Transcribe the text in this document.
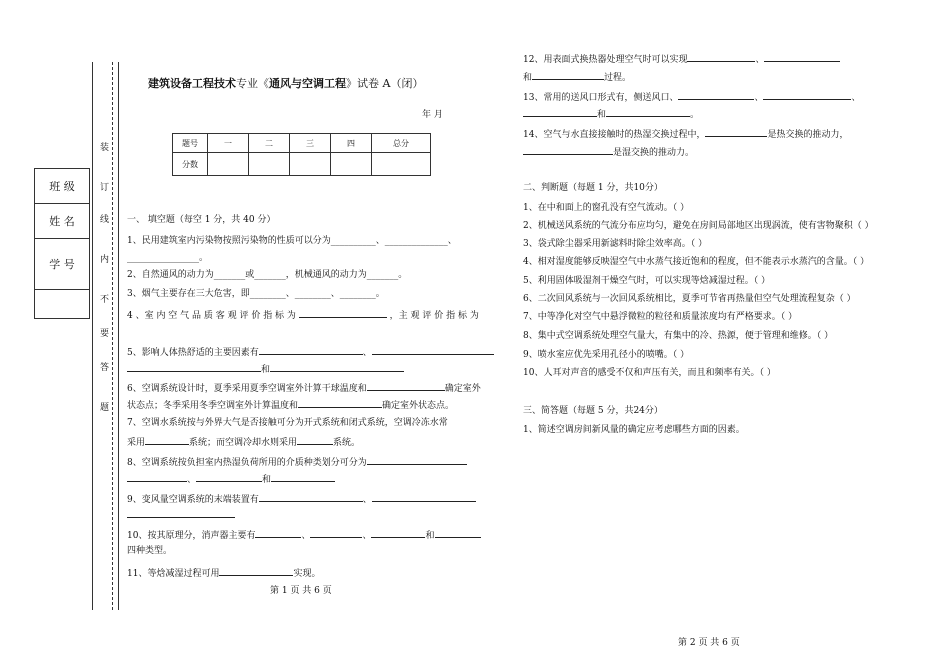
装
订
线
内
不
要
答
题
班 级
姓 名
学 号
建筑设备工程技术专业《通风与空调工程》试卷 A（闭）
年 月
题号	一	二	三	四	总分
分数					
一、 填空题（每空 1 分，共 40 分）
1、民用建筑室内污染物按照污染物的性质可以分为__________、______________、
________________。
2、自然通风的动力为_______或_______，机械通风的动力为_______。
3、烟气主要存在三大危害，即________、________、________。
4 、室 内 空 气 品 质 客 观 评 价 指 标 为	，主 观 评 价 指 标 为
5、影响人体热舒适的主要因素有	、
和
6、空调系统设计时，夏季采用夏季空调室外计算干球温度和	确定室外
状态点；冬季采用冬季空调室外计算温度和	确定室外状态点。
7、空调水系统按与外界大气是否接触可分为开式系统和闭式系统，空调冷冻水常
采用	系统；而空调冷却水则采用	系统。
8、空调系统按负担室内热湿负荷所用的介质种类划分可分为
、	和
9、变风量空调系统的末端装置有	、
10、按其原理分，消声器主要有	、	、	和
四种类型。
11、等焓减湿过程可用	实现。
第 1 页 共 6 页
12、用表面式换热器处理空气时可以实现	、
和	过程。
13、常用的送风口形式有，侧送风口、	、	、
和	。
14、空气与水直接接触时的热湿交换过程中，	是热交换的推动力，
是湿交换的推动力。
二、判断题（每题 1 分，共10分）
1、在中和面上的窗孔没有空气流动。（ ）
2、机械送风系统的气流分布应均匀，避免在房间局部地区出现涡流，使有害物聚积（ ）
3、袋式除尘器采用新滤料时除尘效率高。（ ）
4、相对湿度能够反映湿空气中水蒸气接近饱和的程度，但不能表示水蒸汽的含量。（ ）
5、利用固体吸湿剂干燥空气时，可以实现等焓减湿过程。（ ）
6、二次回风系统与一次回风系统相比，夏季可节省再热量但空气处理流程复杂（ ）
7、中等净化对空气中悬浮微粒的粒径和质量浓度均有严格要求。（ ）
8、集中式空调系统处理空气量大，有集中的冷、热源，便于管理和维修。（ ）
9、喷水室应优先采用孔径小的喷嘴。（ ）
10、人耳对声音的感受不仅和声压有关，而且和频率有关。（ ）
三、简答题（每题 5 分，共24分）
1、简述空调房间新风量的确定应考虑哪些方面的因素。
第 2 页 共 6 页
